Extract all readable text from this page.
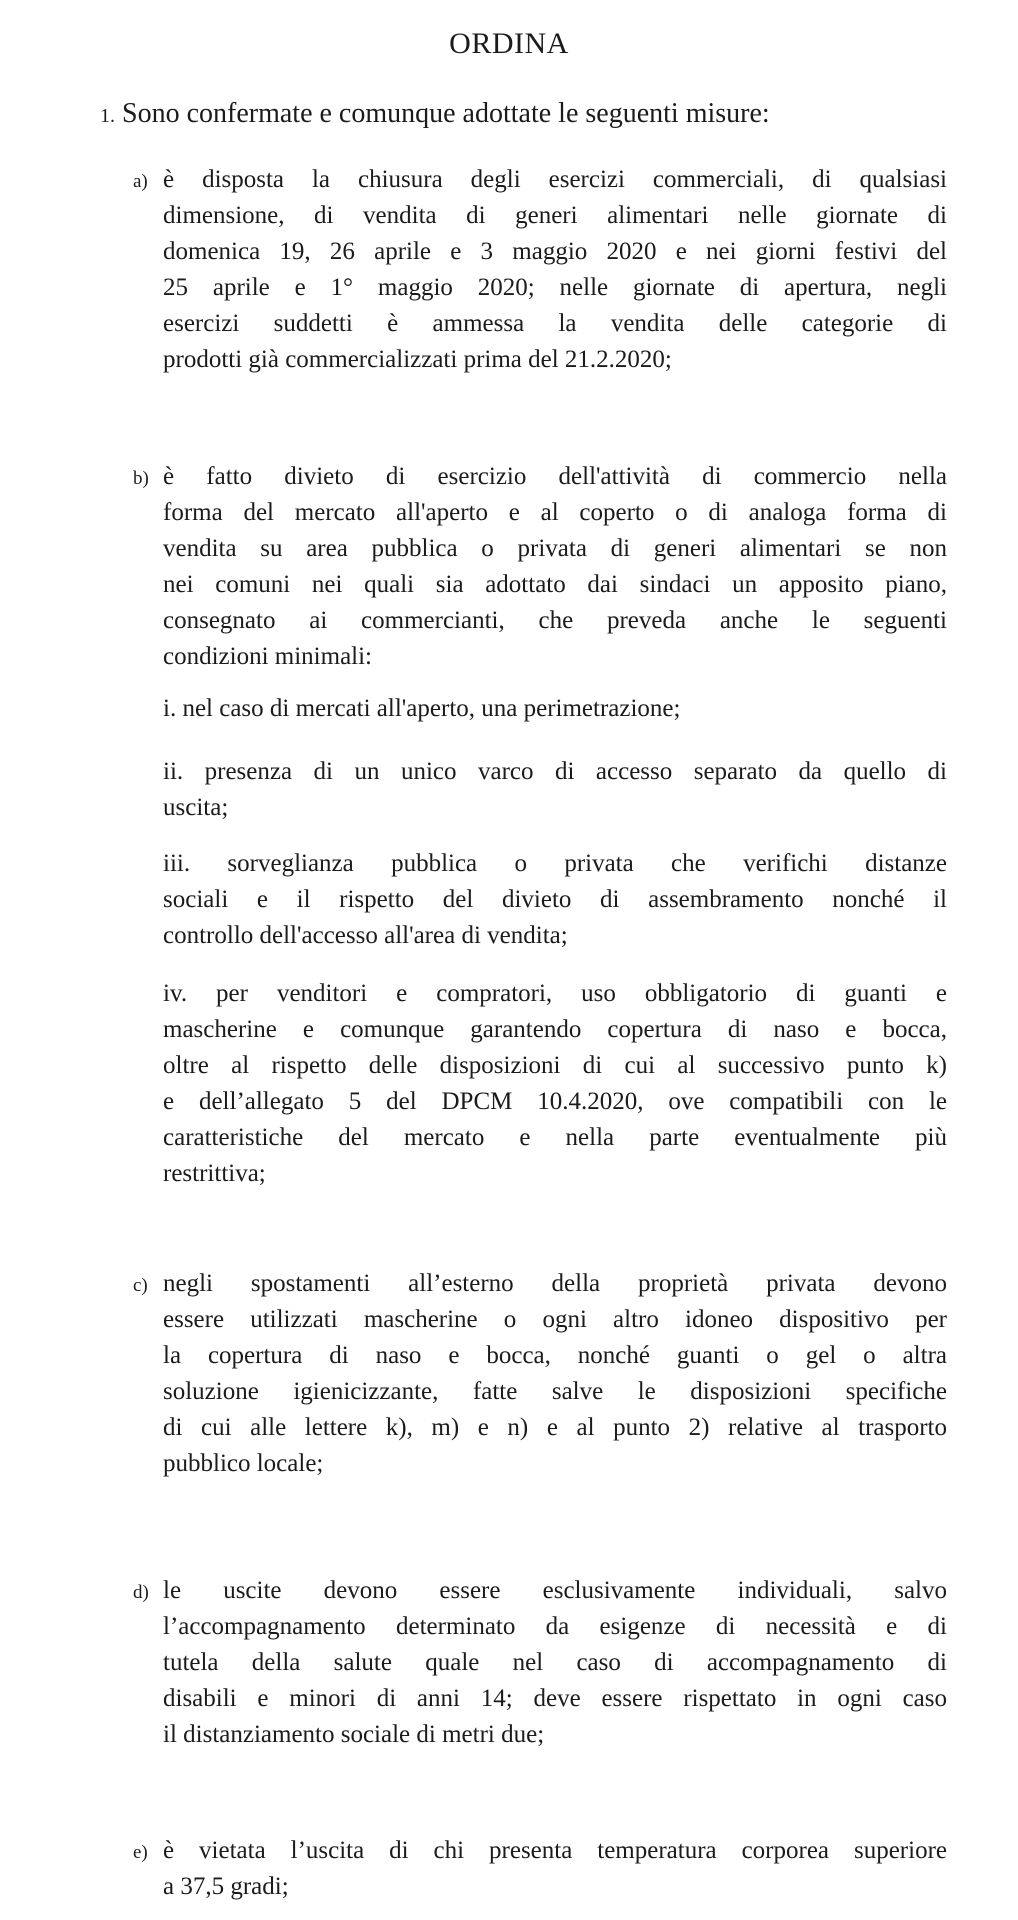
ORDINA
1. Sono confermate e comunque adottate le seguenti misure:
a) è disposta la chiusura degli esercizi commerciali, di qualsiasi
dimensione, di vendita di generi alimentari nelle giornate di
domenica 19, 26 aprile e 3 maggio 2020 e nei giorni festivi del
25 aprile e 1° maggio 2020; nelle giornate di apertura, negli
esercizi suddetti è ammessa la vendita delle categorie di
prodotti già commercializzati prima del 21.2.2020;
b) è fatto divieto di esercizio dell'attività di commercio nella
forma del mercato all'aperto e al coperto o di analoga forma di
vendita su area pubblica o privata di generi alimentari se non
nei comuni nei quali sia adottato dai sindaci un apposito piano,
consegnato ai commercianti, che preveda anche le seguenti
condizioni minimali:
i. nel caso di mercati all'aperto, una perimetrazione;
ii. presenza di un unico varco di accesso separato da quello di
uscita;
iii. sorveglianza pubblica o privata che verifichi distanze
sociali e il rispetto del divieto di assembramento nonché il
controllo dell'accesso all'area di vendita;
iv. per venditori e compratori, uso obbligatorio di guanti e
mascherine e comunque garantendo copertura di naso e bocca,
oltre al rispetto delle disposizioni di cui al successivo punto k)
e dell’allegato 5 del DPCM 10.4.2020, ove compatibili con le
caratteristiche del mercato e nella parte eventualmente più
restrittiva;
c) negli spostamenti all’esterno della proprietà privata devono
essere utilizzati mascherine o ogni altro idoneo dispositivo per
la copertura di naso e bocca, nonché guanti o gel o altra
soluzione igienicizzante, fatte salve le disposizioni specifiche
di cui alle lettere k), m) e n) e al punto 2) relative al trasporto
pubblico locale;
d) le uscite devono essere esclusivamente individuali, salvo
l’accompagnamento determinato da esigenze di necessità e di
tutela della salute quale nel caso di accompagnamento di
disabili e minori di anni 14; deve essere rispettato in ogni caso
il distanziamento sociale di metri due;
e) è vietata l’uscita di chi presenta temperatura corporea superiore
a 37,5 gradi;
